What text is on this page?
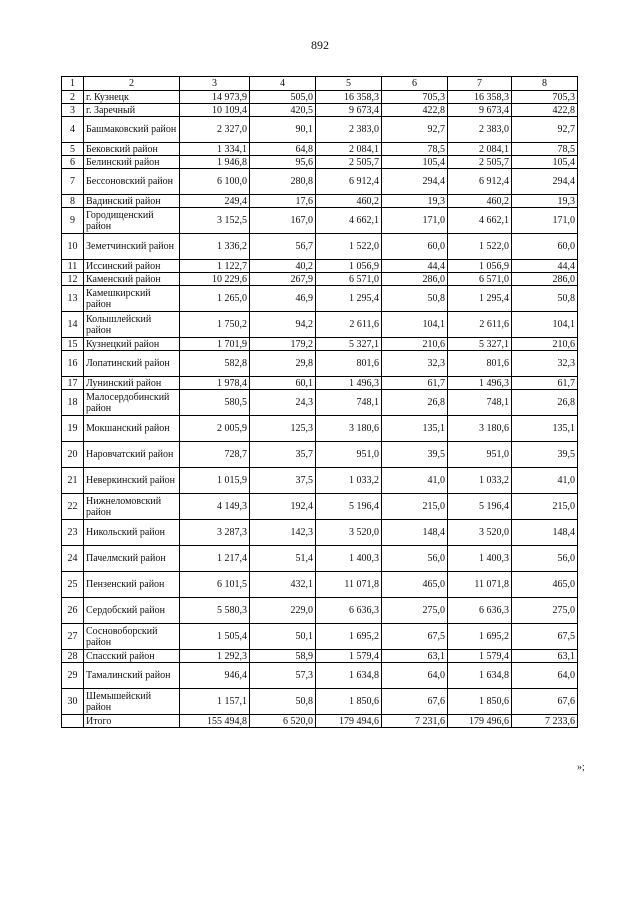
892
1	2	3	4	5	6	7	8
2	г. Кузнецк	14 973,9	505,0	16 358,3	705,3	16 358,3	705,3
3	г. Заречный	10 109,4	420,5	9 673,4	422,8	9 673,4	422,8
4	Башмаковский район	2 327,0	90,1	2 383,0	92,7	2 383,0	92,7
5	Бековский район	1 334,1	64,8	2 084,1	78,5	2 084,1	78,5
6	Белинский район	1 946,8	95,6	2 505,7	105,4	2 505,7	105,4
7	Бессоновский район	6 100,0	280,8	6 912,4	294,4	6 912,4	294,4
8	Вадинский район	249,4	17,6	460,2	19,3	460,2	19,3
9	Городищенский район	3 152,5	167,0	4 662,1	171,0	4 662,1	171,0
10	Земетчинский район	1 336,2	56,7	1 522,0	60,0	1 522,0	60,0
11	Иссинский район	1 122,7	40,2	1 056,9	44,4	1 056,9	44,4
12	Каменский район	10 229,6	267,9	6 571,0	286,0	6 571,0	286,0
13	Камешкирский район	1 265,0	46,9	1 295,4	50,8	1 295,4	50,8
14	Колышлейский район	1 750,2	94,2	2 611,6	104,1	2 611,6	104,1
15	Кузнецкий район	1 701,9	179,2	5 327,1	210,6	5 327,1	210,6
16	Лопатинский район	582,8	29,8	801,6	32,3	801,6	32,3
17	Лунинский район	1 978,4	60,1	1 496,3	61,7	1 496,3	61,7
18	Малосердобинский район	580,5	24,3	748,1	26,8	748,1	26,8
19	Мокшанский район	2 005,9	125,3	3 180,6	135,1	3 180,6	135,1
20	Наровчатский район	728,7	35,7	951,0	39,5	951,0	39,5
21	Неверкинский район	1 015,9	37,5	1 033,2	41,0	1 033,2	41,0
22	Нижнеломовский район	4 149,3	192,4	5 196,4	215,0	5 196,4	215,0
23	Никольский район	3 287,3	142,3	3 520,0	148,4	3 520,0	148,4
24	Пачелмский район	1 217,4	51,4	1 400,3	56,0	1 400,3	56,0
25	Пензенский район	6 101,5	432,1	11 071,8	465,0	11 071,8	465,0
26	Сердобский район	5 580,3	229,0	6 636,3	275,0	6 636,3	275,0
27	Сосновоборский район	1 505,4	50,1	1 695,2	67,5	1 695,2	67,5
28	Спасский район	1 292,3	58,9	1 579,4	63,1	1 579,4	63,1
29	Тамалинский район	946,4	57,3	1 634,8	64,0	1 634,8	64,0
30	Шемышейский район	1 157,1	50,8	1 850,6	67,6	1 850,6	67,6
	Итого	155 494,8	6 520,0	179 494,6	7 231,6	179 496,6	7 233,6
»;
